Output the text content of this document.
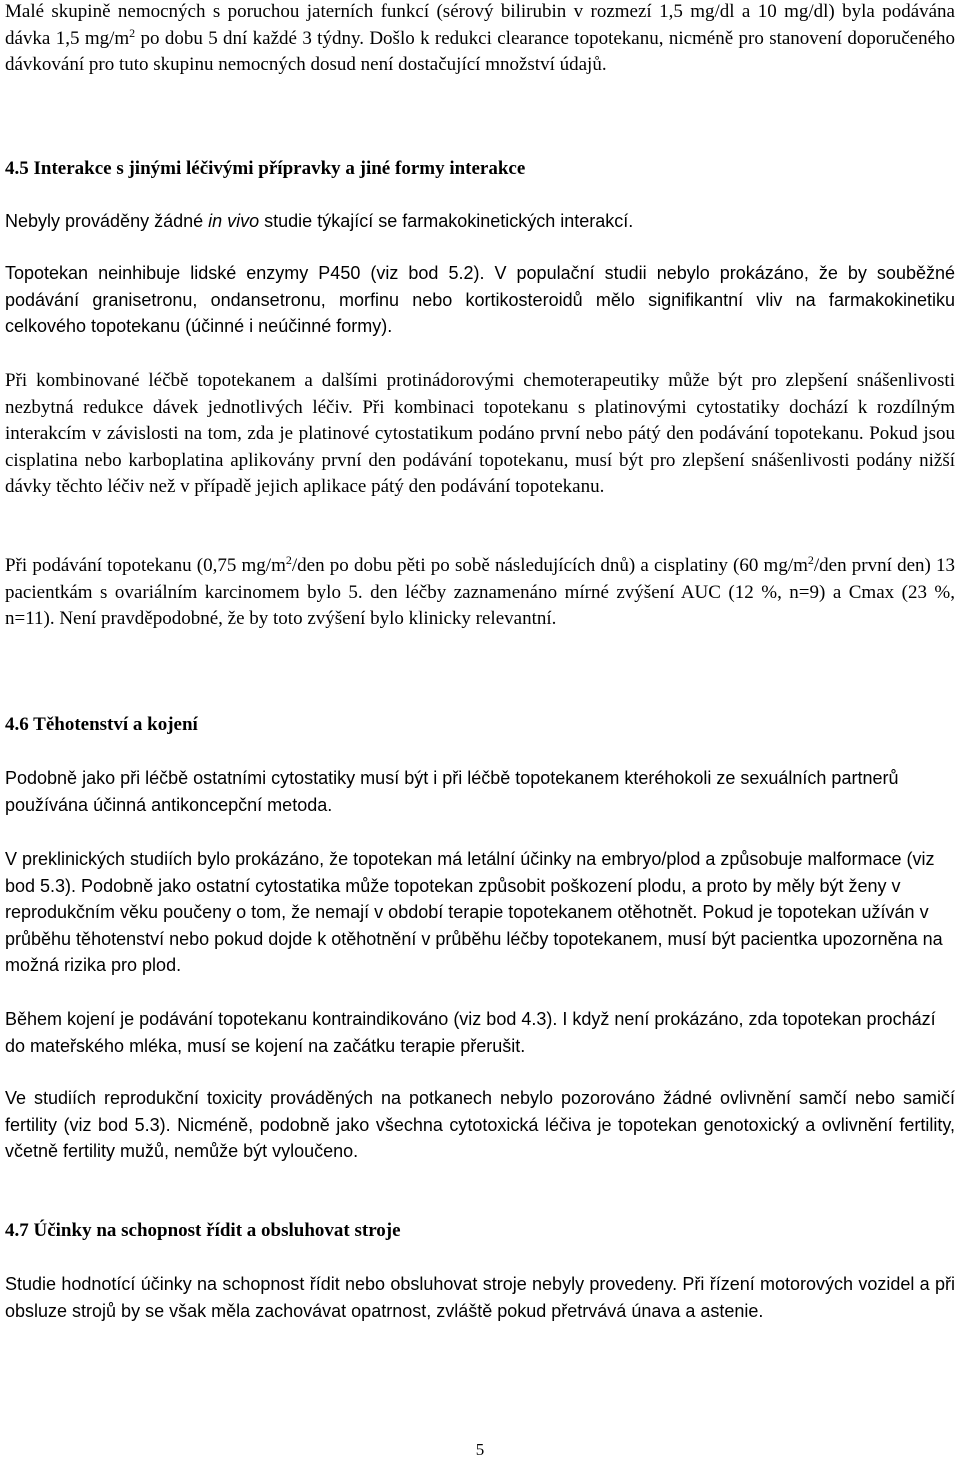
Malé skupině nemocných s poruchou jaterních funkcí (sérový bilirubin v rozmezí 1,5 mg/dl a 10 mg/dl) byla podávána dávka 1,5 $mg/m^2$ po dobu 5 dní každé 3 týdny. Došlo k redukci clearance topotekanu, nicméně pro stanovení doporučeného dávkování pro tuto skupinu nemocných dosud není dostačující množství údajů.

4.5 Interakce s jinými léčivými přípravky a jiné formy interakce

Nebyly prováděny žádné in vivo studie týkající se farmakokinetických interakcí.

Topotekan neinhibuje lidské enzymy P450 (viz bod 5.2). V populační studii nebylo prokázáno, že by souběžné podávání granisetronu, ondansetronu, morfinu nebo kortikosteroidů mělo signifikantní vliv na farmakokinetiku celkového topotekanu (účinné i neúčinné formy).

Při kombinované léčbě topotekanem a dalšími protinádorovými chemoterapeutiky může být pro zlepšení snášenlivosti nezbytná redukce dávek jednotlivých léčiv. Při kombinaci topotekanu s platinovými cytostatiky dochází k rozdílným interakcím v závislosti na tom, zda je platinové cytostatikum podáno první nebo pátý den podávání topotekanu. Pokud jsou cisplatina nebo karboplatina aplikovány první den podávání topotekanu, musí být pro zlepšení snášenlivosti podány nižší dávky těchto léčiv než v případě jejich aplikace pátý den podávání topotekanu.

Při podávání topotekanu (0,75 $mg/m^2$/den po dobu pěti po sobě následujících dnů) a cisplatiny (60 $mg/m^2$/den první den) 13 pacientkám s ovariálním karcinomem bylo 5. den léčby zaznamenáno mírné zvýšení AUC (12 %, n=9) a Cmax (23 %, n=11). Není pravděpodobné, že by toto zvýšení bylo klinicky relevantní.

4.6 Těhotenství a kojení

Podobně jako při léčbě ostatními cytostatiky musí být i při léčbě topotekanem kteréhokoli ze sexuálních partnerů používána účinná antikoncepční metoda.

V preklinických studiích bylo prokázáno, že topotekan má letální účinky na embryo/plod a způsobuje malformace (viz bod 5.3). Podobně jako ostatní cytostatika může topotekan způsobit poškození plodu, a proto by měly být ženy v reprodukčním věku poučeny o tom, že nemají v období terapie topotekanem otěhotnět. Pokud je topotekan užíván v průběhu těhotenství nebo pokud dojde k otěhotnění v průběhu léčby topotekanem, musí být pacientka upozorněna na možná rizika pro plod.

Během kojení je podávání topotekanu kontraindikováno (viz bod 4.3). I když není prokázáno, zda topotekan prochází do mateřského mléka, musí se kojení na začátku terapie přerušit.

Ve studiích reprodukční toxicity prováděných na potkanech nebylo pozorováno žádné ovlivnění samčí nebo samičí fertility (viz bod 5.3). Nicméně, podobně jako všechna cytotoxická léčiva je topotekan genotoxický a ovlivnění fertility, včetně fertility mužů, nemůže být vyloučeno.

4.7 Účinky na schopnost řídit a obsluhovat stroje

Studie hodnotící účinky na schopnost řídit nebo obsluhovat stroje nebyly provedeny. Při řízení motorových vozidel a při obsluze strojů by se však měla zachovávat opatrnost, zvláště pokud přetrvává únava a astenie.

5
